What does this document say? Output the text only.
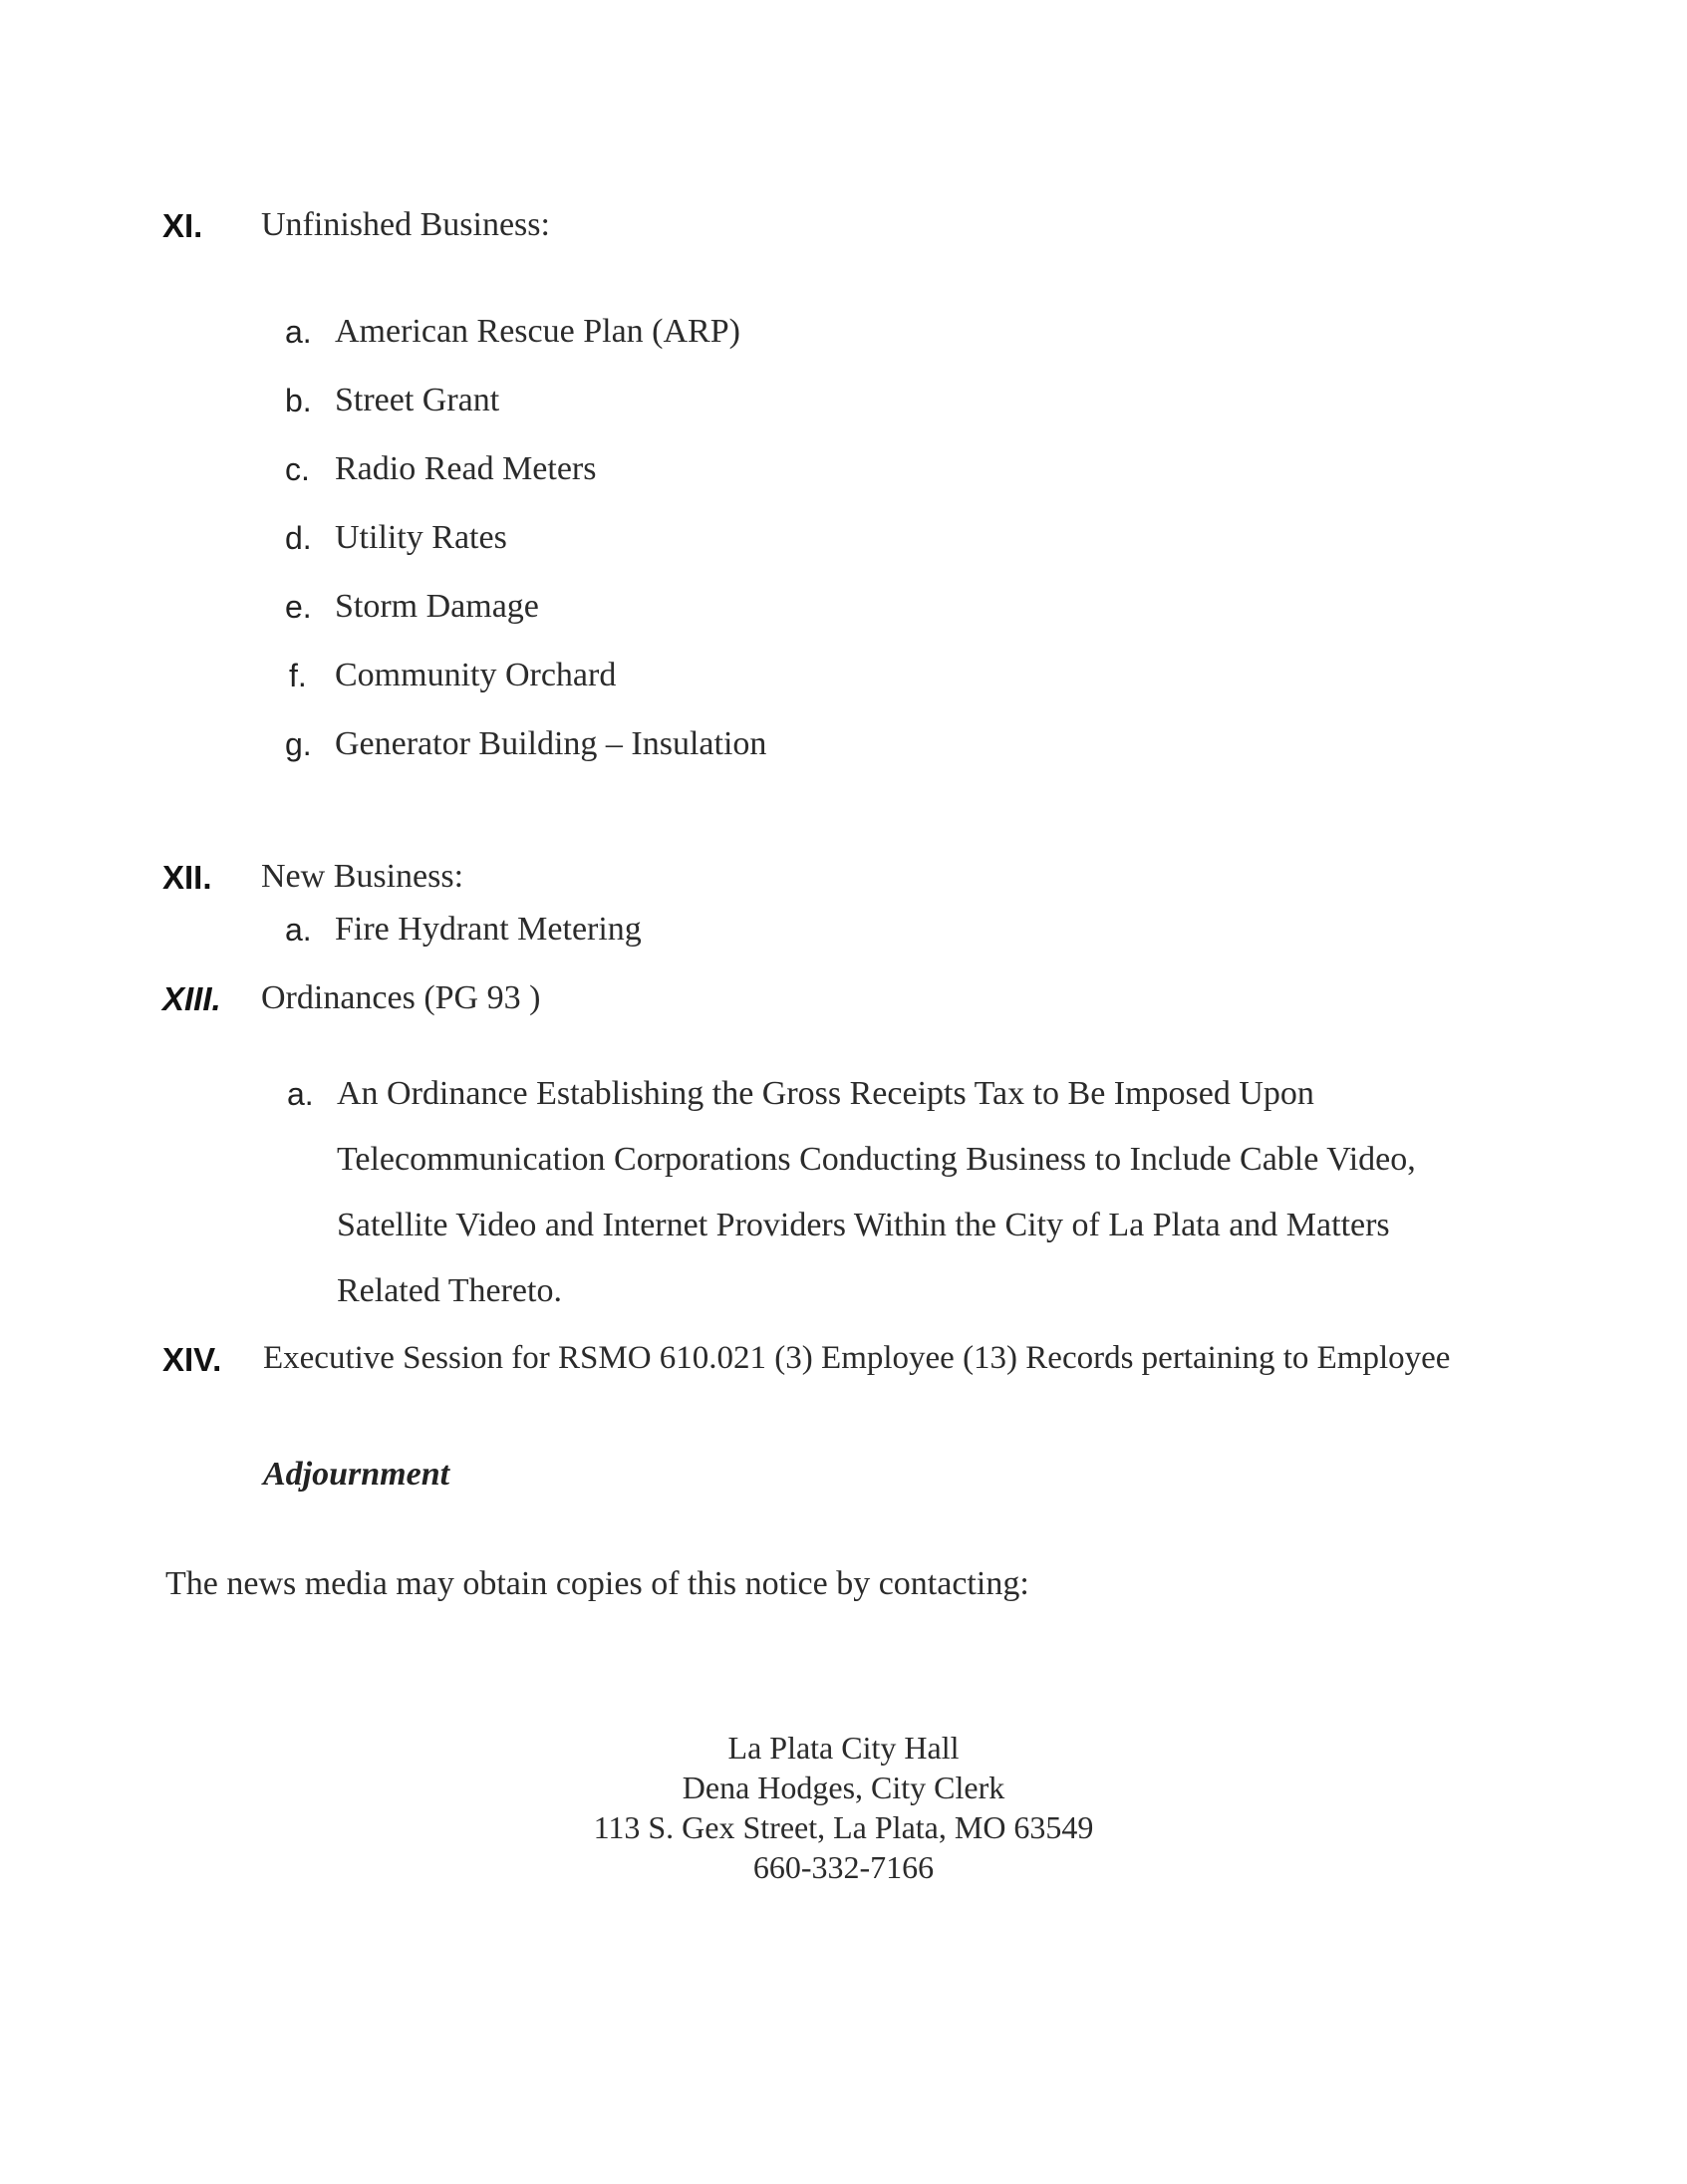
XI. Unfinished Business:
a. American Rescue Plan (ARP)
b. Street Grant
c. Radio Read Meters
d. Utility Rates
e. Storm Damage
f. Community Orchard
g. Generator Building – Insulation
XII. New Business:
a. Fire Hydrant Metering
XIII. Ordinances (PG 93 )
a. An Ordinance Establishing the Gross Receipts Tax to Be Imposed Upon
Telecommunication Corporations Conducting Business to Include Cable Video,
Satellite Video and Internet Providers Within the City of La Plata and Matters
Related Thereto.
XIV. Executive Session for RSMO 610.021 (3) Employee (13) Records pertaining to Employee
Adjournment
The news media may obtain copies of this notice by contacting:
La Plata City Hall
Dena Hodges, City Clerk
113 S. Gex Street, La Plata, MO 63549
660-332-7166
